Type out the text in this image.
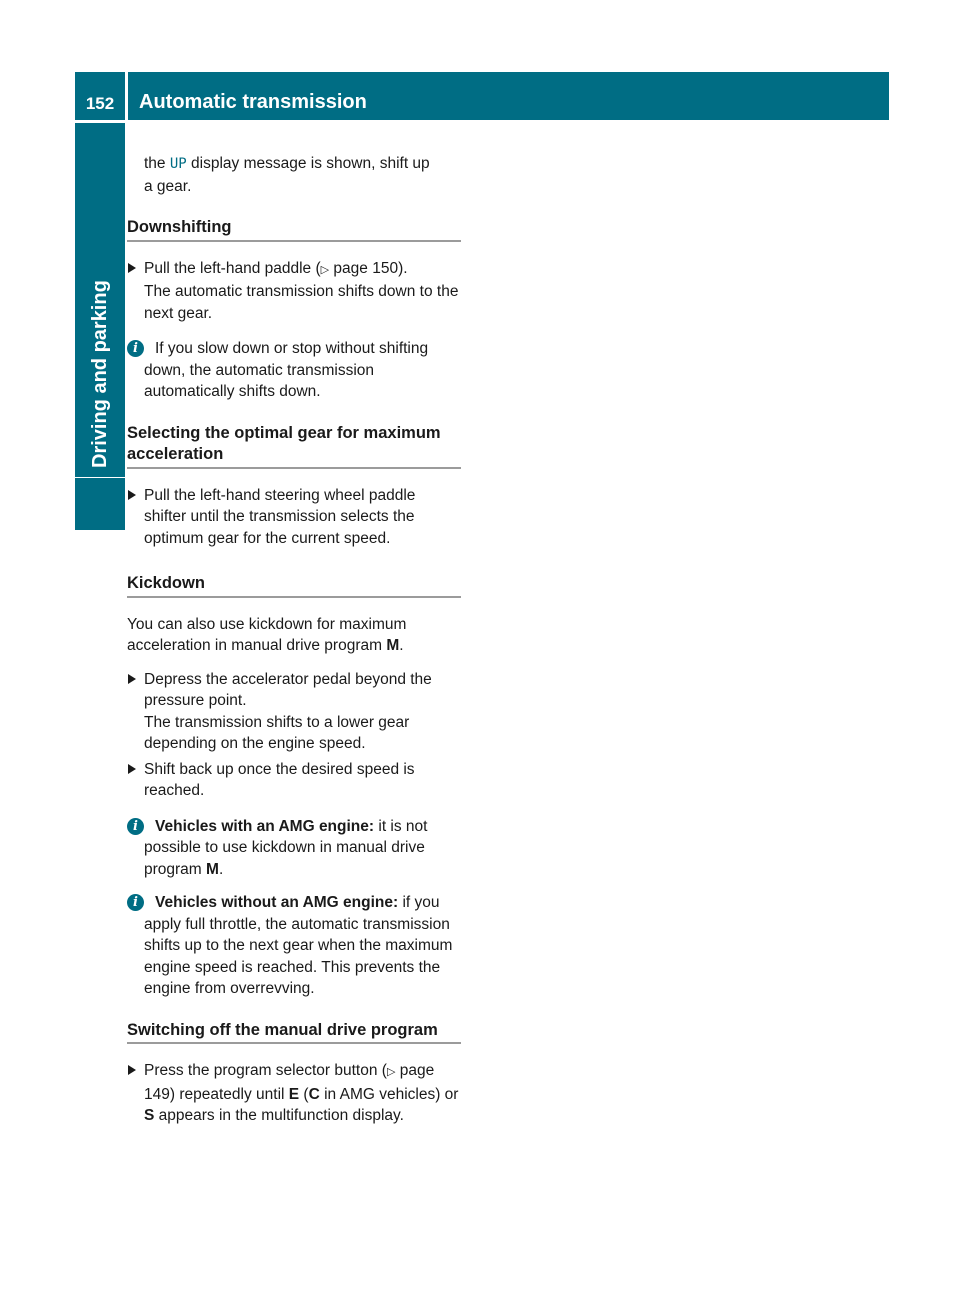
152	Automatic transmission
Driving and parking

the UP display message is shown, shift up
a gear.

Downshifting
Pull the left-hand paddle (▷ page 150).
The automatic transmission shifts down to the next gear.
i	If you slow down or stop without shifting down, the automatic transmission automatically shifts down.
Selecting the optimal gear for maximum acceleration
Pull the left-hand steering wheel paddle shifter until the transmission selects the optimum gear for the current speed.
Kickdown

You can also use kickdown for maximum acceleration in manual drive program M.

Depress the accelerator pedal beyond the pressure point.
The transmission shifts to a lower gear depending on the engine speed.
Shift back up once the desired speed is reached.
i	Vehicles with an AMG engine: it is not possible to use kickdown in manual drive program M.
i	Vehicles without an AMG engine: if you apply full throttle, the automatic transmission shifts up to the next gear when the maximum engine speed is reached. This prevents the engine from overrevving.
Switching off the manual drive program
Press the program selector button (▷ page 149) repeatedly until E (C in AMG vehicles) or S appears in the multifunction display.
